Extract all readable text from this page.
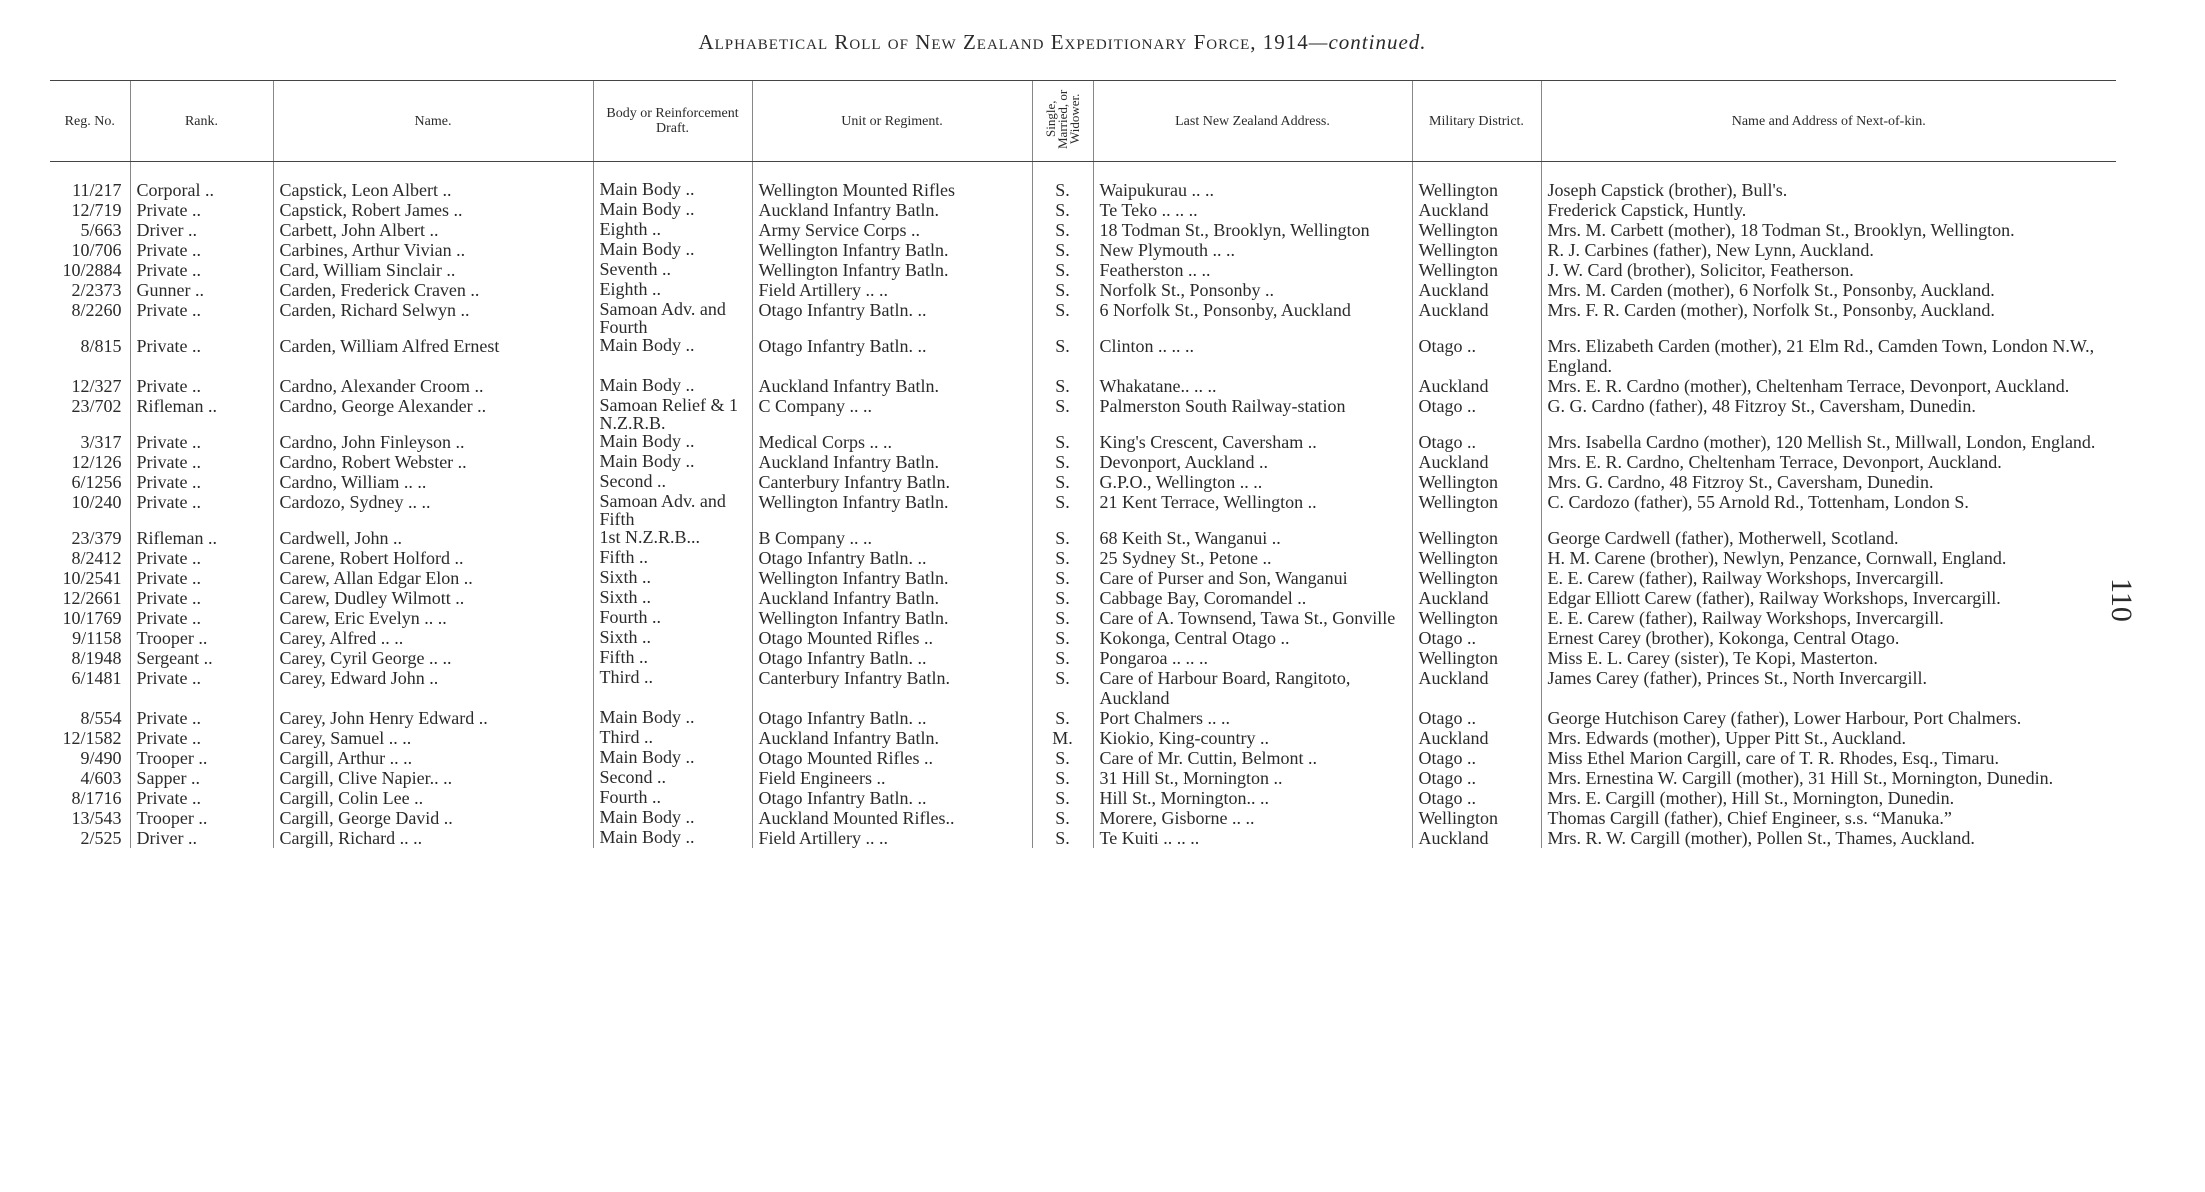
Alphabetical Roll of New Zealand Expeditionary Force, 1914—continued.
110
Reg. No.	Rank.	Name.	Body or Reinforcement Draft.	Unit or Regiment.	Single, Married, or Widower.	Last New Zealand Address.	Military District.	Name and Address of Next-of-kin.

11/217	Corporal ..	Capstick, Leon Albert ..	Main Body ..	Wellington Mounted Rifles	S.	Waipukurau .. ..	Wellington	Joseph Capstick (brother), Bull's.
12/719	Private ..	Capstick, Robert James ..	Main Body ..	Auckland Infantry Batln.	S.	Te Teko .. .. ..	Auckland	Frederick Capstick, Huntly.
5/663	Driver ..	Carbett, John Albert ..	Eighth ..	Army Service Corps ..	S.	18 Todman St., Brooklyn, Wellington	Wellington	Mrs. M. Carbett (mother), 18 Todman St., Brooklyn, Wellington.
10/706	Private ..	Carbines, Arthur Vivian ..	Main Body ..	Wellington Infantry Batln.	S.	New Plymouth .. ..	Wellington	R. J. Carbines (father), New Lynn, Auckland.
10/2884	Private ..	Card, William Sinclair ..	Seventh ..	Wellington Infantry Batln.	S.	Featherston .. ..	Wellington	J. W. Card (brother), Solicitor, Featherson.
2/2373	Gunner ..	Carden, Frederick Craven ..	Eighth ..	Field Artillery .. ..	S.	Norfolk St., Ponsonby ..	Auckland	Mrs. M. Carden (mother), 6 Norfolk St., Ponsonby, Auckland.
8/2260	Private ..	Carden, Richard Selwyn ..	Samoan Adv. and Fourth	Otago Infantry Batln. ..	S.	6 Norfolk St., Ponsonby, Auckland	Auckland	Mrs. F. R. Carden (mother), Norfolk St., Ponsonby, Auckland.
8/815	Private ..	Carden, William Alfred Ernest	Main Body ..	Otago Infantry Batln. ..	S.	Clinton .. .. ..	Otago ..	Mrs. Elizabeth Carden (mother), 21 Elm Rd., Camden Town, London N.W., England.
12/327	Private ..	Cardno, Alexander Croom ..	Main Body ..	Auckland Infantry Batln.	S.	Whakatane.. .. ..	Auckland	Mrs. E. R. Cardno (mother), Cheltenham Terrace, Devonport, Auckland.
23/702	Rifleman ..	Cardno, George Alexander ..	Samoan Relief & 1 N.Z.R.B.	C Company .. ..	S.	Palmerston South Railway-station	Otago ..	G. G. Cardno (father), 48 Fitzroy St., Caversham, Dunedin.
3/317	Private ..	Cardno, John Finleyson ..	Main Body ..	Medical Corps .. ..	S.	King's Crescent, Caversham ..	Otago ..	Mrs. Isabella Cardno (mother), 120 Mellish St., Millwall, London, England.
12/126	Private ..	Cardno, Robert Webster ..	Main Body ..	Auckland Infantry Batln.	S.	Devonport, Auckland ..	Auckland	Mrs. E. R. Cardno, Cheltenham Terrace, Devonport, Auckland.
6/1256	Private ..	Cardno, William .. ..	Second ..	Canterbury Infantry Batln.	S.	G.P.O., Wellington .. ..	Wellington	Mrs. G. Cardno, 48 Fitzroy St., Caversham, Dunedin.
10/240	Private ..	Cardozo, Sydney .. ..	Samoan Adv. and Fifth	Wellington Infantry Batln.	S.	21 Kent Terrace, Wellington ..	Wellington	C. Cardozo (father), 55 Arnold Rd., Tottenham, London S.
23/379	Rifleman ..	Cardwell, John ..	1st N.Z.R.B...	B Company .. ..	S.	68 Keith St., Wanganui ..	Wellington	George Cardwell (father), Motherwell, Scotland.
8/2412	Private ..	Carene, Robert Holford ..	Fifth ..	Otago Infantry Batln. ..	S.	25 Sydney St., Petone ..	Wellington	H. M. Carene (brother), Newlyn, Penzance, Cornwall, England.
10/2541	Private ..	Carew, Allan Edgar Elon ..	Sixth ..	Wellington Infantry Batln.	S.	Care of Purser and Son, Wanganui	Wellington	E. E. Carew (father), Railway Workshops, Invercargill.
12/2661	Private ..	Carew, Dudley Wilmott ..	Sixth ..	Auckland Infantry Batln.	S.	Cabbage Bay, Coromandel ..	Auckland	Edgar Elliott Carew (father), Railway Workshops, Invercargill.
10/1769	Private ..	Carew, Eric Evelyn .. ..	Fourth ..	Wellington Infantry Batln.	S.	Care of A. Townsend, Tawa St., Gonville	Wellington	E. E. Carew (father), Railway Workshops, Invercargill.
9/1158	Trooper ..	Carey, Alfred .. ..	Sixth ..	Otago Mounted Rifles ..	S.	Kokonga, Central Otago ..	Otago ..	Ernest Carey (brother), Kokonga, Central Otago.
8/1948	Sergeant ..	Carey, Cyril George .. ..	Fifth ..	Otago Infantry Batln. ..	S.	Pongaroa .. .. ..	Wellington	Miss E. L. Carey (sister), Te Kopi, Masterton.
6/1481	Private ..	Carey, Edward John ..	Third ..	Canterbury Infantry Batln.	S.	Care of Harbour Board, Rangitoto, Auckland	Auckland	James Carey (father), Princes St., North Invercargill.
8/554	Private ..	Carey, John Henry Edward ..	Main Body ..	Otago Infantry Batln. ..	S.	Port Chalmers .. ..	Otago ..	George Hutchison Carey (father), Lower Harbour, Port Chalmers.
12/1582	Private ..	Carey, Samuel .. ..	Third ..	Auckland Infantry Batln.	M.	Kiokio, King-country ..	Auckland	Mrs. Edwards (mother), Upper Pitt St., Auckland.
9/490	Trooper ..	Cargill, Arthur .. ..	Main Body ..	Otago Mounted Rifles ..	S.	Care of Mr. Cuttin, Belmont ..	Otago ..	Miss Ethel Marion Cargill, care of T. R. Rhodes, Esq., Timaru.
4/603	Sapper ..	Cargill, Clive Napier.. ..	Second ..	Field Engineers ..	S.	31 Hill St., Mornington ..	Otago ..	Mrs. Ernestina W. Cargill (mother), 31 Hill St., Mornington, Dunedin.
8/1716	Private ..	Cargill, Colin Lee ..	Fourth ..	Otago Infantry Batln. ..	S.	Hill St., Mornington.. ..	Otago ..	Mrs. E. Cargill (mother), Hill St., Mornington, Dunedin.
13/543	Trooper ..	Cargill, George David ..	Main Body ..	Auckland Mounted Rifles..	S.	Morere, Gisborne .. ..	Wellington	Thomas Cargill (father), Chief Engineer, s.s. “Manuka.”
2/525	Driver ..	Cargill, Richard .. ..	Main Body ..	Field Artillery .. ..	S.	Te Kuiti .. .. ..	Auckland	Mrs. R. W. Cargill (mother), Pollen St., Thames, Auckland.
